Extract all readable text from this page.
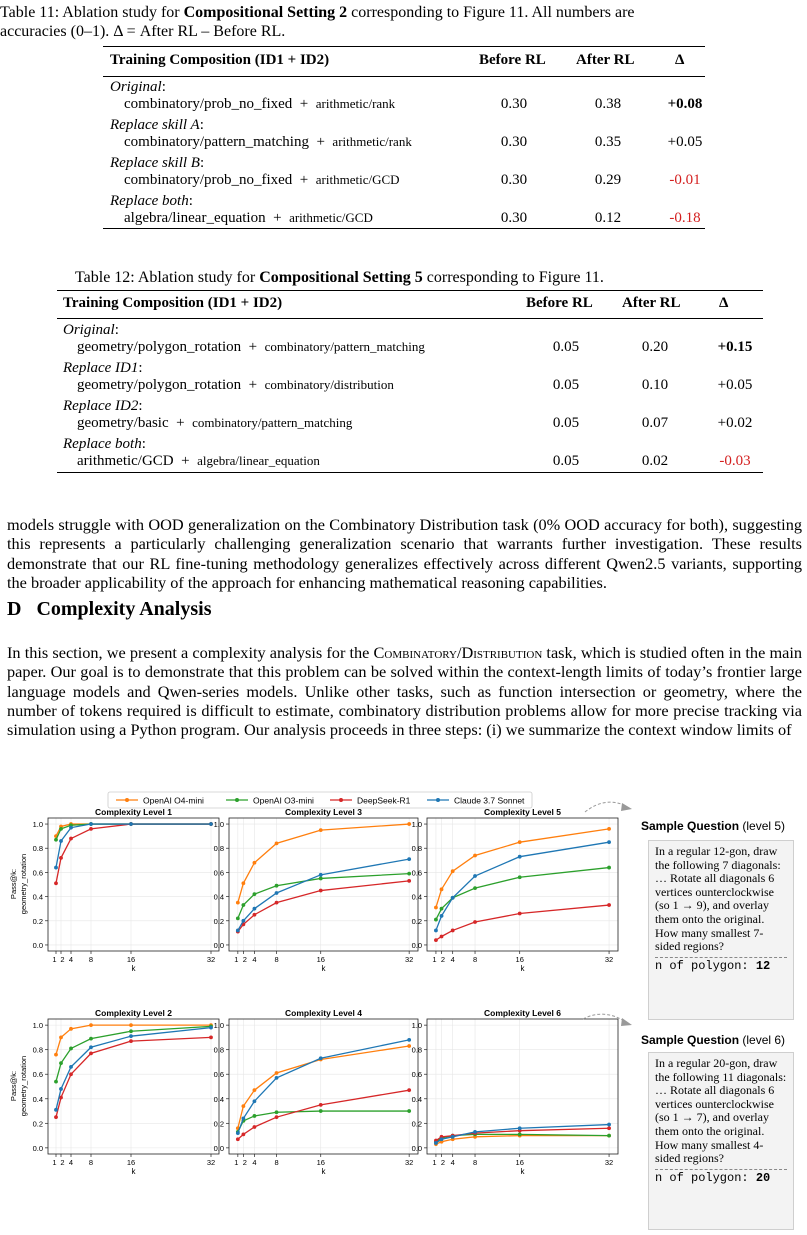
Table 11: Ablation study for Compositional Setting 2 corresponding to Figure 11. All numbers are
accuracies (0–1). Δ = After RL – Before RL.
Training Composition (ID1 + ID2)	Before RL After RL	Δ
Original:
combinatory/prob_no_fixed  +  arithmetic/rank	0.30	0.38	+0.08
Replace skill A:
combinatory/pattern_matching  +  arithmetic/rank	0.30	0.35	+0.05
Replace skill B:
combinatory/prob_no_fixed  +  arithmetic/GCD	0.30	0.29	-0.01
Replace both:
algebra/linear_equation  +  arithmetic/GCD	0.30	0.12	-0.18
Table 12: Ablation study for Compositional Setting 5 corresponding to Figure 11.
Training Composition (ID1 + ID2)	Before RL After RL	Δ
Original:
geometry/polygon_rotation  +  combinatory/pattern_matching	0.05	0.20	+0.15
Replace ID1:
geometry/polygon_rotation  +  combinatory/distribution	0.05	0.10	+0.05
Replace ID2:
geometry/basic  +  combinatory/pattern_matching	0.05	0.07	+0.02
Replace both:
arithmetic/GCD  +  algebra/linear_equation	0.05	0.02	-0.03
models struggle with OOD generalization on the Combinatory Distribution task (0% OOD accuracy for both), suggesting this represents a particularly challenging generalization scenario that warrants further investigation. These results demonstrate that our RL fine-tuning methodology generalizes effectively across different Qwen2.5 variants, supporting the broader applicability of the approach for enhancing mathematical reasoning capabilities.
D Complexity Analysis
In this section, we present a complexity analysis for the Combinatory/Distribution task, which is studied often in the main paper. Our goal is to demonstrate that this problem can be solved within the context-length limits of today’s frontier large language models and Qwen-series models. Unlike other tasks, such as function intersection or geometry, where the number of tokens required is difficult to estimate, combinatory distribution problems allow for more precise tracking via simulation using a Python program. Our analysis proceeds in three steps: (i) we summarize the context window limits of
OpenAI O4-mini	OpenAI O3-mini	DeepSeek-R1	Claude 3.7 Sonnet
Complexity Level 1
0.0
0.2
0.4
0.6
0.8
1.0
1 2 4 8	16	32
k
Complexity Level 3
0.0
0.2
0.4
0.6
0.8
1.0
1 2 4 8	16	32
k
Complexity Level 5
0.0
0.2
0.4
0.6
0.8
1.0
1 2 4 8	16	32
k
Complexity Level 2
0.0
0.2
0.4
0.6
0.8
1.0
1 2 4 8	16	32
k
Complexity Level 4
0.0
0.2
0.4
0.6
0.8
1.0
1 2 4 8	16	32
k
Complexity Level 6
0.0
0.2
0.4
0.6
0.8
1.0
1 2 4 8	16	32
k
Pass@k: geometry_rotation
Pass@k: geometry_rotation
Sample Question (level 5)
In a regular 12-gon, draw the following 7 diagonals: … Rotate all diagonals 6 vertices ounterclockwise (so 1 → 9), and overlay them onto the original. How many smallest 7-sided regions?
n of polygon: 12
Sample Question (level 6)
In a regular 20-gon, draw the following 11 diagonals: … Rotate all diagonals 6 vertices ounterclockwise (so 1 → 7), and overlay them onto the original. How many smallest 4-sided regions?
n of polygon: 20
